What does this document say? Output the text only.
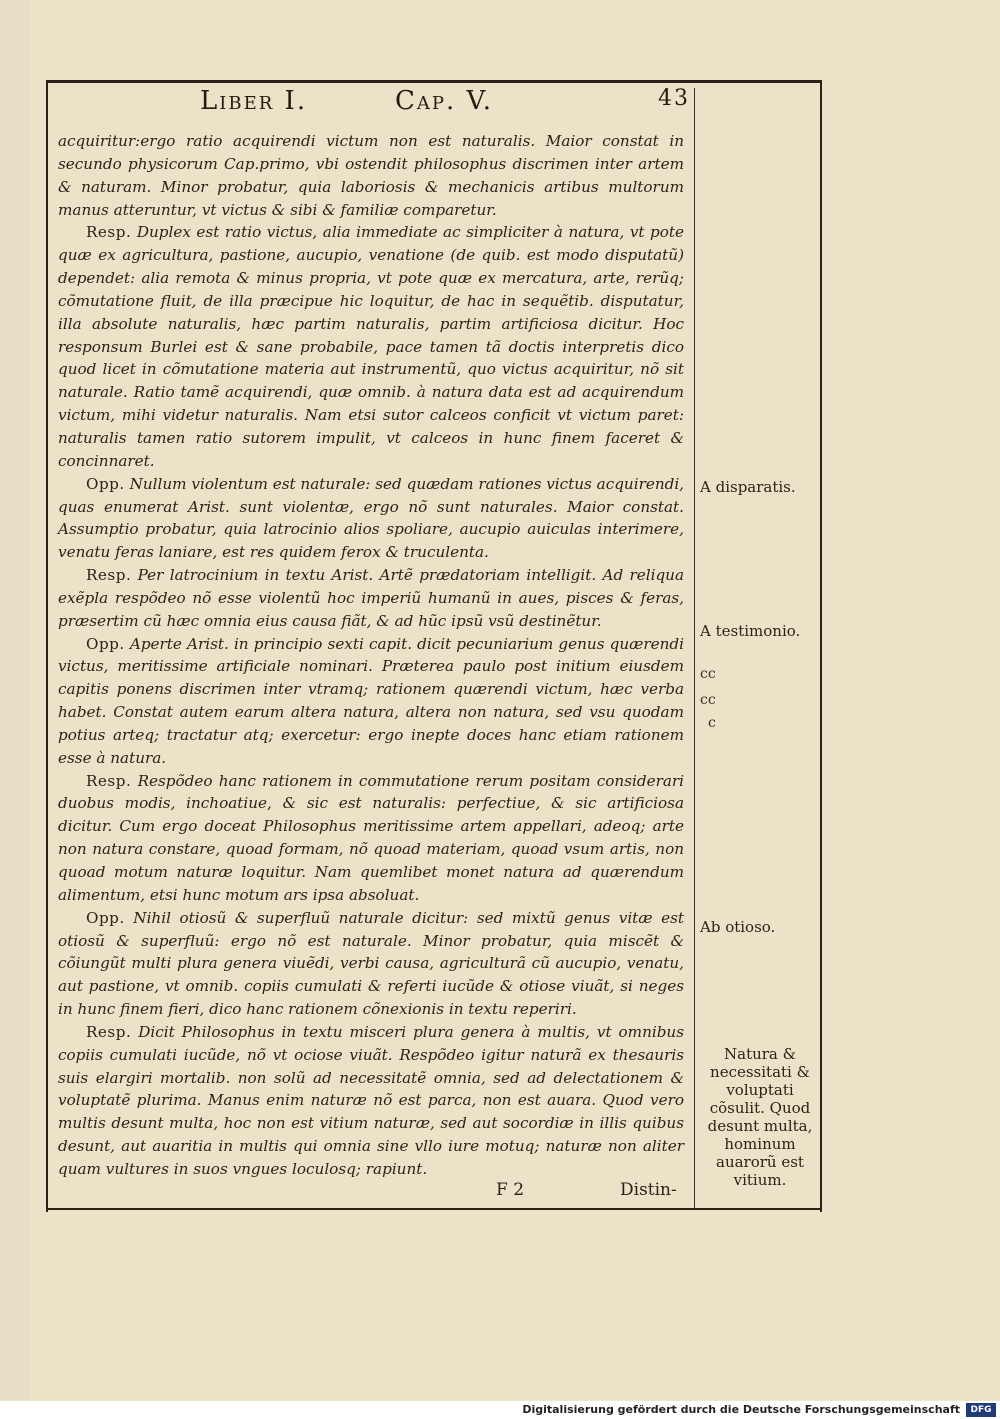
Liber I.	Cap. V.	43

acquiritur:ergo ratio acquirendi victum non est naturalis. Maior constat in secundo physicorum Cap.primo, vbi ostendit philosophus discrimen inter artem & naturam. Minor probatur, quia laboriosis & mechanicis artibus multorum manus atteruntur, vt victus & sibi & familiæ comparetur.

Resp. Duplex est ratio victus, alia immediate ac simpliciter à natura, vt pote quæ ex agricultura, pastione, aucupio, venatione (de quib. est modo disputatũ) dependet: alia remota & minus propria, vt pote quæ ex mercatura, arte, rerũq; cõmutatione fluit, de illa præcipue hic loquitur, de hac in sequẽtib. disputatur, illa absolute naturalis, hæc partim naturalis, partim artificiosa dicitur. Hoc responsum Burlei est & sane probabile, pace tamen tã doctis interpretis dico quod licet in cõmutatione materia aut instrumentũ, quo victus acquiritur, nõ sit naturale. Ratio tamẽ acquirendi, quæ omnib. à natura data est ad acquirendum victum, mihi videtur naturalis. Nam etsi sutor calceos conficit vt victum paret: naturalis tamen ratio sutorem impulit, vt calceos in hunc finem faceret & concinnaret.

Opp. Nullum violentum est naturale: sed quædam rationes victus acquirendi, quas enumerat Arist. sunt violentæ, ergo nõ sunt naturales. Maior constat. Assumptio probatur, quia latrocinio alios spoliare, aucupio auiculas interimere, venatu feras laniare, est res quidem ferox & truculenta.

Resp. Per latrocinium in textu Arist. Artẽ prædatoriam intelligit. Ad reliqua exẽpla respõdeo nõ esse violentũ hoc imperiũ humanũ in aues, pisces & feras, præsertim cũ hæc omnia eius causa fiãt, & ad hũc ipsũ vsũ destinẽtur.

Opp. Aperte Arist. in principio sexti capit. dicit pecuniarium genus quærendi victus, meritissime artificiale nominari. Præterea paulo post initium eiusdem capitis ponens discrimen inter vtramq; rationem quærendi victum, hæc verba habet. Constat autem earum altera natura, altera non natura, sed vsu quodam potius arteq; tractatur atq; exercetur: ergo inepte doces hanc etiam rationem esse à natura.

Resp. Respõdeo hanc rationem in commutatione rerum positam considerari duobus modis, inchoatiue, & sic est naturalis: perfectiue, & sic artificiosa dicitur. Cum ergo doceat Philosophus meritissime artem appellari, adeoq; arte non natura constare, quoad formam, nõ quoad materiam, quoad vsum artis, non quoad motum naturæ loquitur. Nam quemlibet monet natura ad quærendum alimentum, etsi hunc motum ars ipsa absoluat.

Opp. Nihil otiosũ & superfluũ naturale dicitur: sed mixtũ genus vitæ est otiosũ & superfluũ: ergo nõ est naturale. Minor probatur, quia miscẽt & cõiungũt multi plura genera viuẽdi, verbi causa, agriculturã cũ aucupio, venatu, aut pastione, vt omnib. copiis cumulati & referti iucũde & otiose viuãt, si neges in hunc finem fieri, dico hanc rationem cõnexionis in textu reperiri.

Resp. Dicit Philosophus in textu misceri plura genera à multis, vt omnibus copiis cumulati iucũde, nõ vt ociose viuãt. Respõdeo igitur naturã ex thesauris suis elargiri mortalib. non solũ ad necessitatẽ omnia, sed ad delectationem & voluptatẽ plurima. Manus enim naturæ nõ est parca, non est auara. Quod vero multis desunt multa, hoc non est vitium naturæ, sed aut socordiæ in illis quibus desunt, aut auaritia in multis qui omnia sine vllo iure motuq; naturæ non aliter quam vultures in suos vngues loculosq; rapiunt.

F 2	Distin-
A disparatis.
A testimonio.
cc
cc
c
Ab otioso.
Natura & necessitati & voluptati cõsulit. Quod desunt multa, hominum auarorũ est vitium.
Digitalisierung gefördert durch die Deutsche Forschungsgemeinschaft	DFG
